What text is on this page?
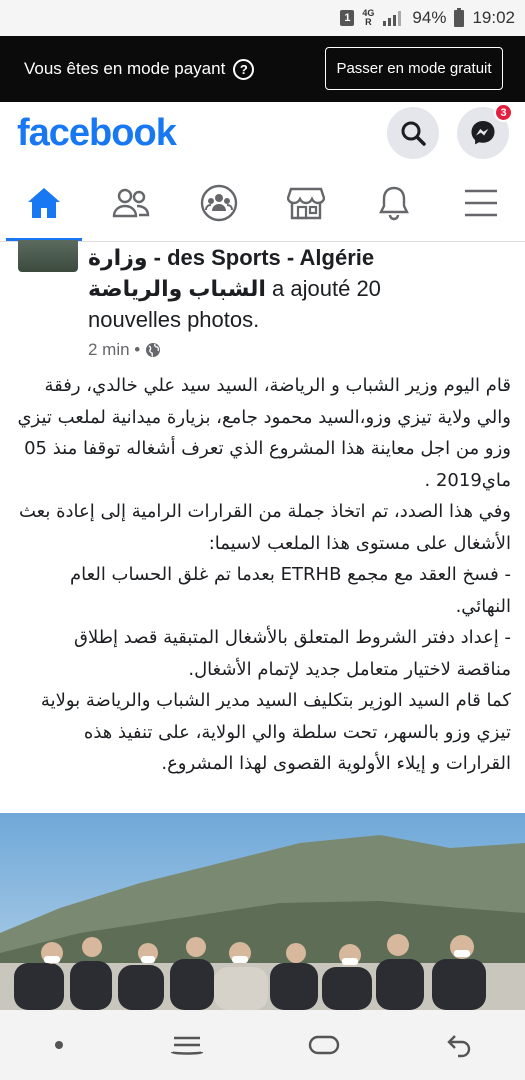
1	4G
R 94% 19:02
Vous êtes en mode payant	?	Passer en mode gratuit
facebook	3
وزارة - des Sports - Algérie
الشباب والرياضة a ajouté 20
nouvelles photos.
2 min •

قام اليوم وزير الشباب و الرياضة، السيد سيد علي خالدي، رفقة والي ولاية تيزي وزو،السيد محمود جامع، بزيارة ميدانية لملعب تيزي وزو من اجل معاينة هذا المشروع الذي تعرف أشغاله توقفا منذ 05 ماي2019 .
وفي هذا الصدد، تم اتخاذ جملة من القرارات الرامية إلى إعادة بعث الأشغال على مستوى هذا الملعب لاسيما:
- فسخ العقد مع مجمع ETRHB بعدما تم غلق الحساب العام النهائي.
- إعداد دفتر الشروط المتعلق بالأشغال المتبقية قصد إطلاق مناقصة لاختيار متعامل جديد لإتمام الأشغال.
كما قام السيد الوزير بتكليف السيد مدير الشباب والرياضة بولاية تيزي وزو بالسهر، تحت سلطة والي الولاية، على تنفيذ هذه القرارات و إيلاء الأولوية القصوى لهذا المشروع.
